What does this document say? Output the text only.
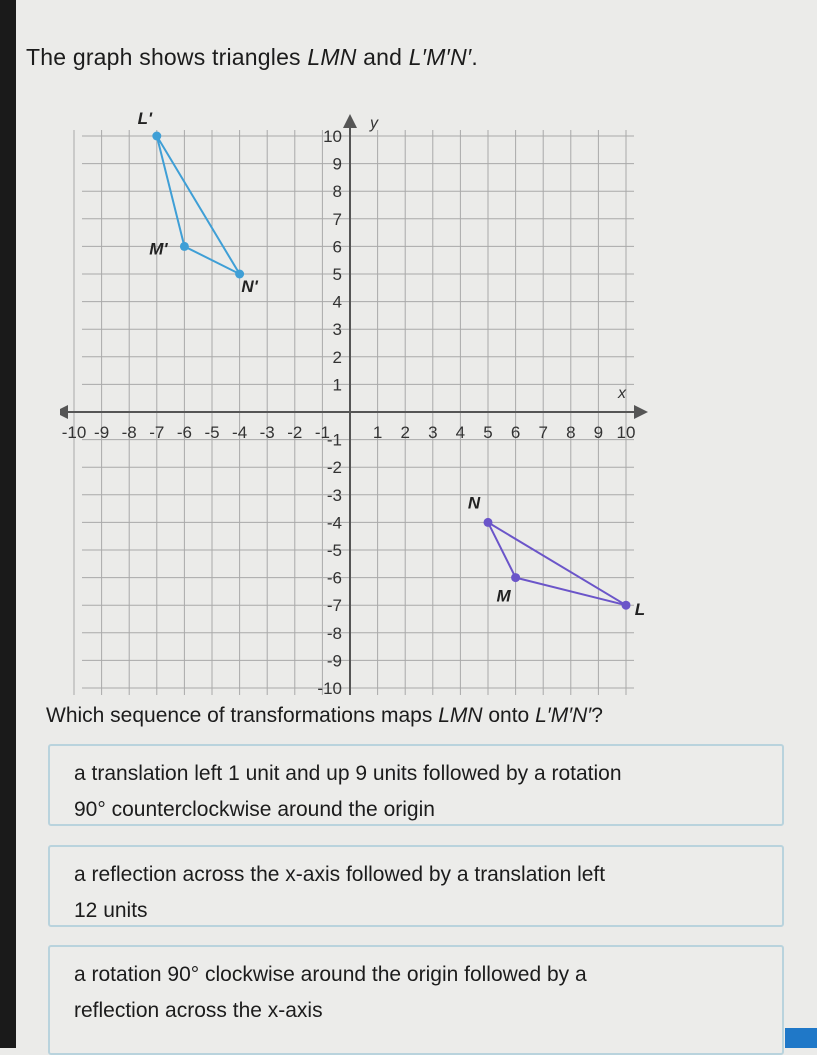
The graph shows triangles LMN and L′M′N′.
x
y
-10 -9 -8 -7 -6 -5 -4 -3 -2 -1	1 2 3 4 5 6 7 8 9 10
10
9
8
7
6
5
4
3
2
1
-1
-2
-3
-4
-5
-6
-7
-8
-9
-10
L
M
N
L'
M'
N'
Which sequence of transformations maps LMN onto L′M′N′?
a translation left 1 unit and up 9 units followed by a rotation
90° counterclockwise around the origin
a reflection across the x-axis followed by a translation left
12 units
a rotation 90° clockwise around the origin followed by a
reflection across the x-axis
